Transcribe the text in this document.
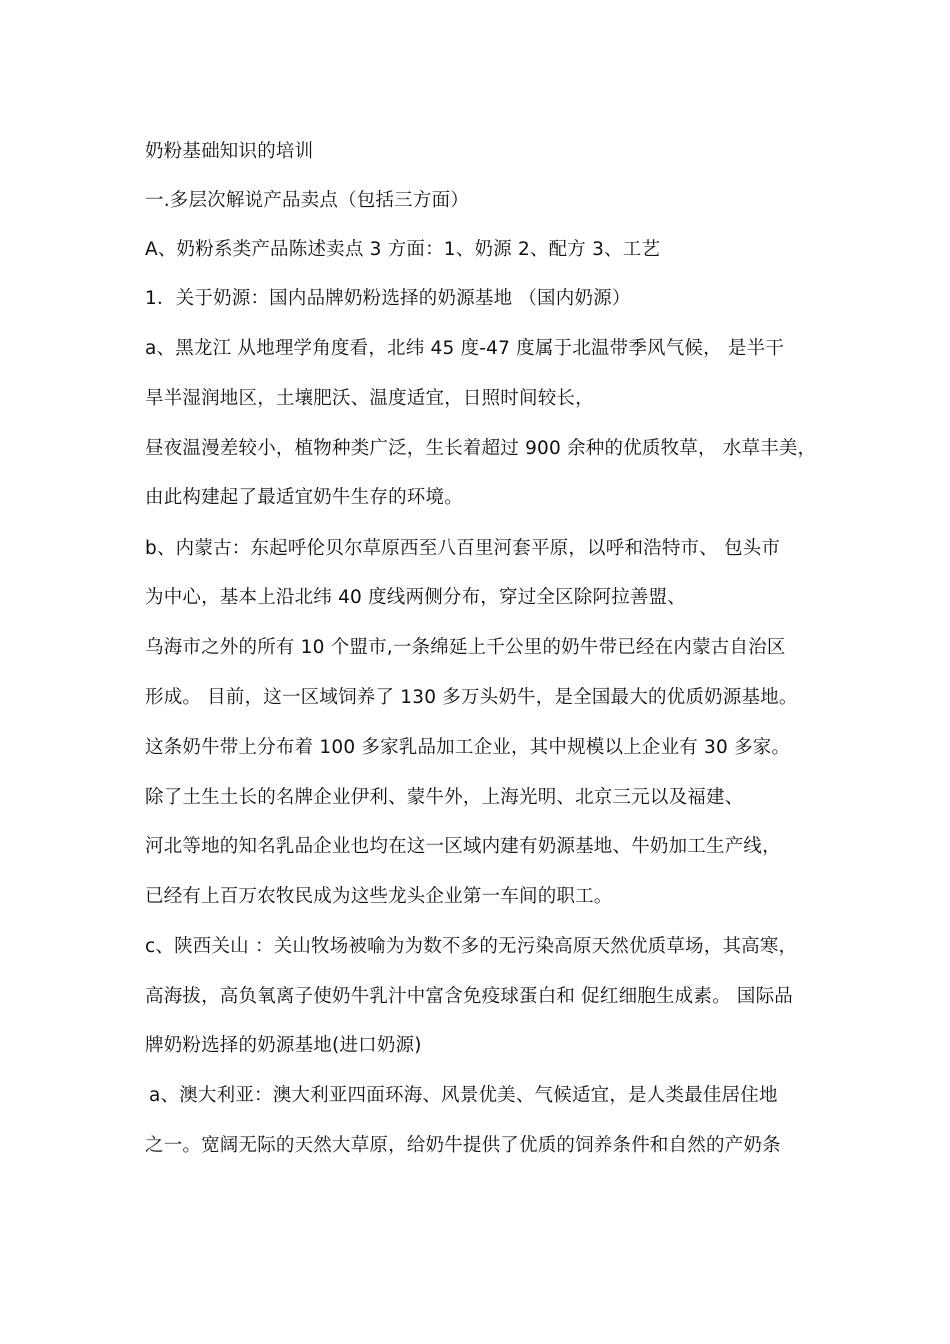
奶粉基础知识的培训
一.多层次解说产品卖点（包括三方面）
A、奶粉系类产品陈述卖点 3 方面：1、奶源 2、配方 3、工艺
1．关于奶源：国内品牌奶粉选择的奶源基地 （国内奶源）
a、黑龙江 从地理学角度看，北纬 45 度-47 度属于北温带季风气候， 是半干
旱半湿润地区，土壤肥沃、温度适宜，日照时间较长，
昼夜温漫差较小，植物种类广泛，生长着超过 900 余种的优质牧草， 水草丰美，
由此构建起了最适宜奶牛生存的环境。
b、内蒙古：东起呼伦贝尔草原西至八百里河套平原，以呼和浩特市、 包头市
为中心，基本上沿北纬 40 度线两侧分布，穿过全区除阿拉善盟、
乌海市之外的所有 10 个盟市,一条绵延上千公里的奶牛带已经在内蒙古自治区
形成。 目前，这一区域饲养了 130 多万头奶牛，是全国最大的优质奶源基地。
这条奶牛带上分布着 100 多家乳品加工企业，其中规模以上企业有 30 多家。
除了土生土长的名牌企业伊利、蒙牛外，上海光明、北京三元以及福建、
河北等地的知名乳品企业也均在这一区域内建有奶源基地、牛奶加工生产线，
已经有上百万农牧民成为这些龙头企业第一车间的职工。
c、陕西关山 ：关山牧场被喻为为数不多的无污染高原天然优质草场，其高寒，
高海拔，高负氧离子使奶牛乳汁中富含免疫球蛋白和 促红细胞生成素。 国际品
牌奶粉选择的奶源基地(进口奶源)
a、澳大利亚：澳大利亚四面环海、风景优美、气候适宜，是人类最佳居住地
之一。宽阔无际的天然大草原，给奶牛提供了优质的饲养条件和自然的产奶条
